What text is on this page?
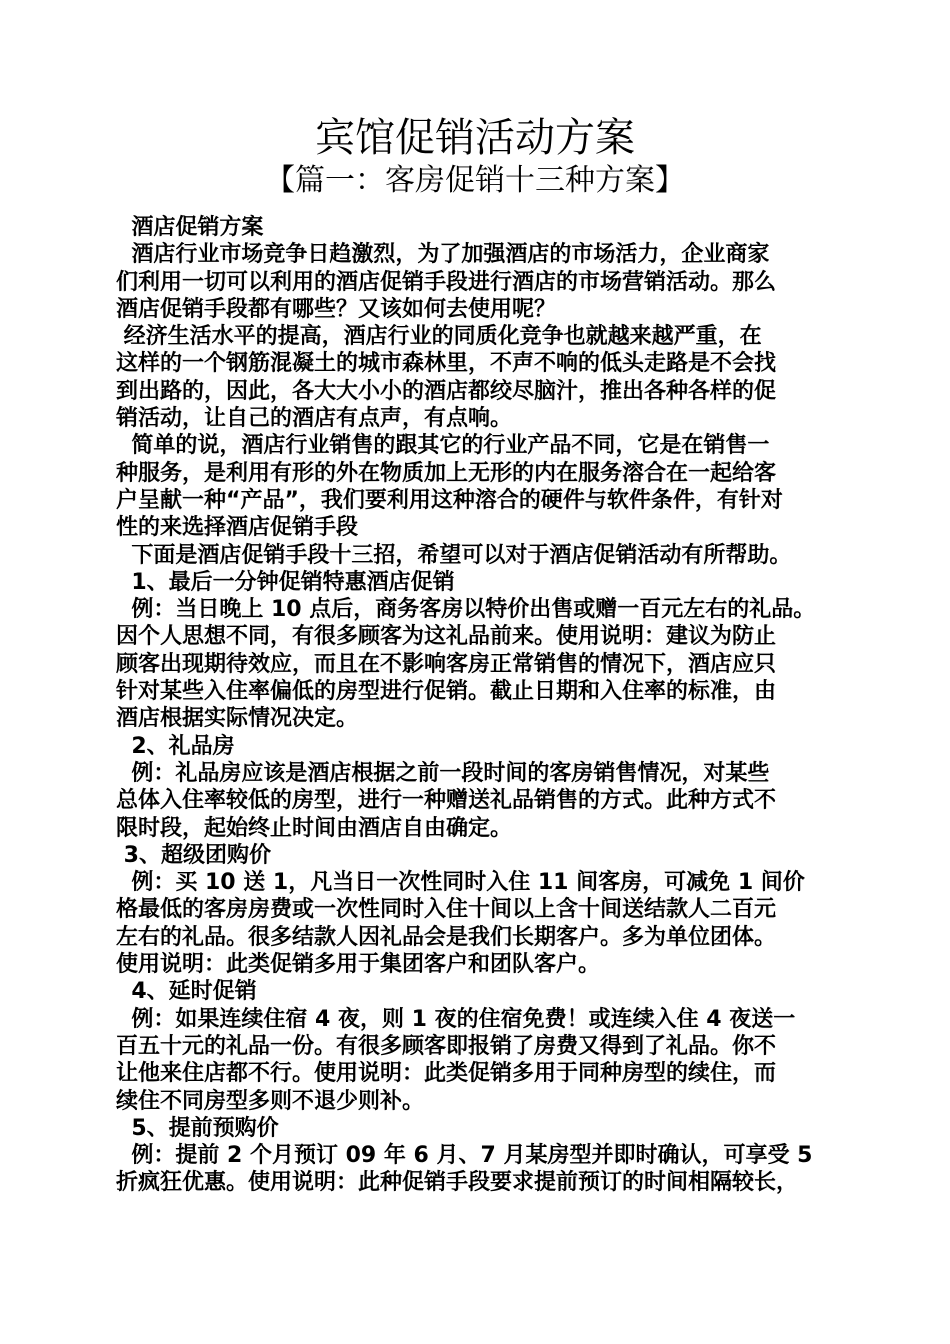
宾馆促销活动方案
【篇一：客房促销十三种方案】
酒店促销方案
酒店行业市场竞争日趋激烈，为了加强酒店的市场活力，企业商家
们利用一切可以利用的酒店促销手段进行酒店的市场营销活动。那么
酒店促销手段都有哪些？又该如何去使用呢？
经济生活水平的提高，酒店行业的同质化竞争也就越来越严重，在
这样的一个钢筋混凝土的城市森林里，不声不响的低头走路是不会找
到出路的，因此，各大大小小的酒店都绞尽脑汁，推出各种各样的促
销活动，让自己的酒店有点声，有点响。
简单的说，酒店行业销售的跟其它的行业产品不同，它是在销售一
种服务，是利用有形的外在物质加上无形的内在服务溶合在一起给客
户呈献一种“产品”，我们要利用这种溶合的硬件与软件条件，有针对
性的来选择酒店促销手段
下面是酒店促销手段十三招，希望可以对于酒店促销活动有所帮助。
1、最后一分钟促销特惠酒店促销
例：当日晚上 10 点后，商务客房以特价出售或赠一百元左右的礼品。
因个人思想不同，有很多顾客为这礼品前来。使用说明：建议为防止
顾客出现期待效应，而且在不影响客房正常销售的情况下，酒店应只
针对某些入住率偏低的房型进行促销。截止日期和入住率的标准，由
酒店根据实际情况决定。
2、礼品房
例：礼品房应该是酒店根据之前一段时间的客房销售情况，对某些
总体入住率较低的房型，进行一种赠送礼品销售的方式。此种方式不
限时段，起始终止时间由酒店自由确定。
3、超级团购价
例：买 10 送 1，凡当日一次性同时入住 11 间客房，可减免 1 间价
格最低的客房房费或一次性同时入住十间以上含十间送结款人二百元
左右的礼品。很多结款人因礼品会是我们长期客户。多为单位团体。
使用说明：此类促销多用于集团客户和团队客户。
4、延时促销
例：如果连续住宿 4 夜，则 1 夜的住宿免费！或连续入住 4 夜送一
百五十元的礼品一份。有很多顾客即报销了房费又得到了礼品。你不
让他来住店都不行。使用说明：此类促销多用于同种房型的续住，而
续住不同房型多则不退少则补。
5、提前预购价
例：提前 2 个月预订 09 年 6 月、7 月某房型并即时确认，可享受 5
折疯狂优惠。使用说明：此种促销手段要求提前预订的时间相隔较长，
